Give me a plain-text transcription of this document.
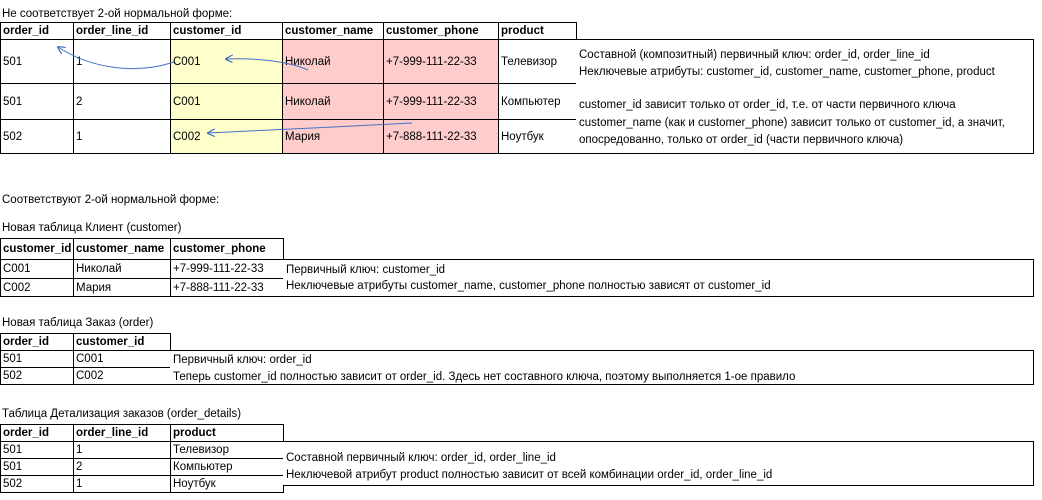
Не соответствует 2-ой нормальной форме:
order_id	order_line_id	customer_id	customer_name	customer_phone	product
501	1	C001	Николай	+7-999-111-22-33	Телевизор
501	2	C001	Николай	+7-999-111-22-33	Компьютер
502	1	C002	Мария	+7-888-111-22-33	Ноутбук
Составной (композитный) первичный ключ: order_id, order_line_id
Неключевые атрибуты: customer_id, customer_name, customer_phone, product
customer_id зависит только от order_id, т.е. от части первичного ключа
customer_name (как и customer_phone) зависит только от customer_id, а значит,
опосредованно, только от order_id (части первичного ключа)
Соответствуют 2-ой нормальной форме:
Новая таблица Клиент (customer)
customer_id	customer_name	customer_phone
C001	Николай	+7-999-111-22-33
C002	Мария	+7-888-111-22-33
Первичный ключ: customer_id
Неключевые атрибуты customer_name, customer_phone полностью зависят от customer_id
Новая таблица Заказ (order)
order_id	customer_id
501	C001
502	C002
Первичный ключ: order_id
Теперь customer_id полностью зависит от order_id. Здесь нет составного ключа, поэтому выполняется 1-ое правило
Таблица Детализация заказов (order_details)
order_id	order_line_id	product
501	1	Телевизор
501	2	Компьютер
502	1	Ноутбук
Составной первичный ключ: order_id, order_line_id
Неключевой атрибут product полностью зависит от всей комбинации order_id, order_line_id
